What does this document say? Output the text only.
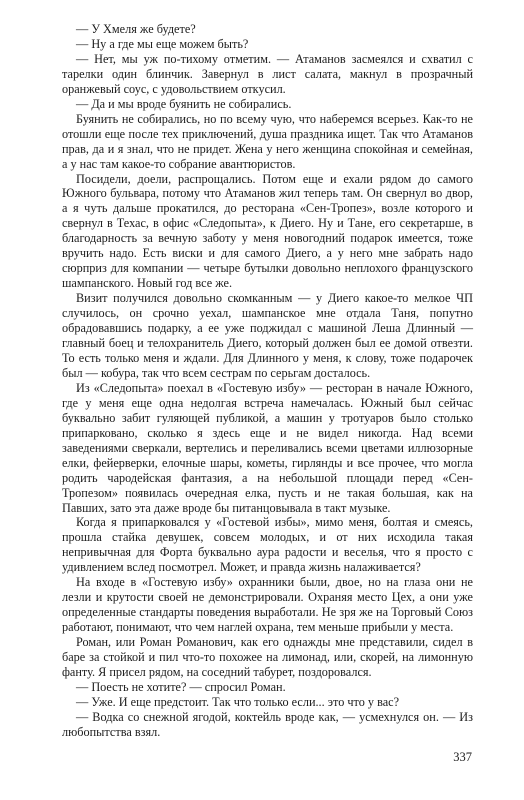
— У Хмеля же будете?

— Ну а где мы еще можем быть?

— Нет, мы уж по-тихому отметим. — Атаманов засмеялся и схватил с тарелки один блинчик. Завернул в лист салата, макнул в прозрачный оранжевый соус, с удовольствием откусил.

— Да и мы вроде буянить не собирались.

Буянить не собирались, но по всему чую, что наберемся всерьез. Как-то не отошли еще после тех приключений, душа праздника ищет. Так что Атаманов прав, да и я знал, что не придет. Жена у него женщина спокойная и семейная, а у нас там какое-то собрание авантюристов.

Посидели, доели, распрощались. Потом еще и ехали рядом до самого Южного бульвара, потому что Атаманов жил теперь там. Он свернул во двор, а я чуть дальше прокатился, до ресторана «Сен-Тропез», возле которого и свернул в Техас, в офис «Следопыта», к Диего. Ну и Тане, его секретарше, в благодарность за вечную заботу у меня новогодний подарок имеется, тоже вручить надо. Есть виски и для самого Диего, а у него мне забрать надо сюрприз для компании — четыре бутылки довольно неплохого французского шампанского. Новый год все же.

Визит получился довольно скомканным — у Диего какое-то мелкое ЧП случилось, он срочно уехал, шампанское мне отдала Таня, попутно обрадовавшись подарку, а ее уже поджидал с машиной Леша Длинный — главный боец и телохранитель Диего, который должен был ее домой отвезти. То есть только меня и ждали. Для Длинного у меня, к слову, тоже подарочек был — кобура, так что всем сестрам по серьгам досталось.

Из «Следопыта» поехал в «Гостевую избу» — ресторан в начале Южного, где у меня еще одна недолгая встреча намечалась. Южный был сейчас буквально забит гуляющей публикой, а машин у тротуаров было столько припарковано, сколько я здесь еще и не видел никогда. Над всеми заведениями сверкали, вертелись и переливались всеми цветами иллюзорные елки, фейерверки, елочные шары, кометы, гирлянды и все прочее, что могла родить чародейская фантазия, а на небольшой площади перед «Сен-Тропезом» появилась очередная елка, пусть и не такая большая, как на Павших, зато эта даже вроде бы питанцовывала в такт музыке.

Когда я припарковался у «Гостевой избы», мимо меня, болтая и смеясь, прошла стайка девушек, совсем молодых, и от них исходила такая непривычная для Форта буквально аура радости и веселья, что я просто с удивлением вслед посмотрел. Может, и правда жизнь налаживается?

На входе в «Гостевую избу» охранники были, двое, но на глаза они не лезли и крутости своей не демонстрировали. Охраняя место Цех, а они уже определенные стандарты поведения выработали. Не зря же на Торговый Союз работают, понимают, что чем наглей охрана, тем меньше прибыли у места.

Роман, или Роман Романович, как его однажды мне представили, сидел в баре за стойкой и пил что-то похожее на лимонад, или, скорей, на лимонную фанту. Я присел рядом, на соседний табурет, поздоровался.

— Поесть не хотите? — спросил Роман.

— Уже. И еще предстоит. Так что только если... это что у вас?

— Водка со снежной ягодой, коктейль вроде как, — усмехнулся он. — Из любопытства взял.

337
